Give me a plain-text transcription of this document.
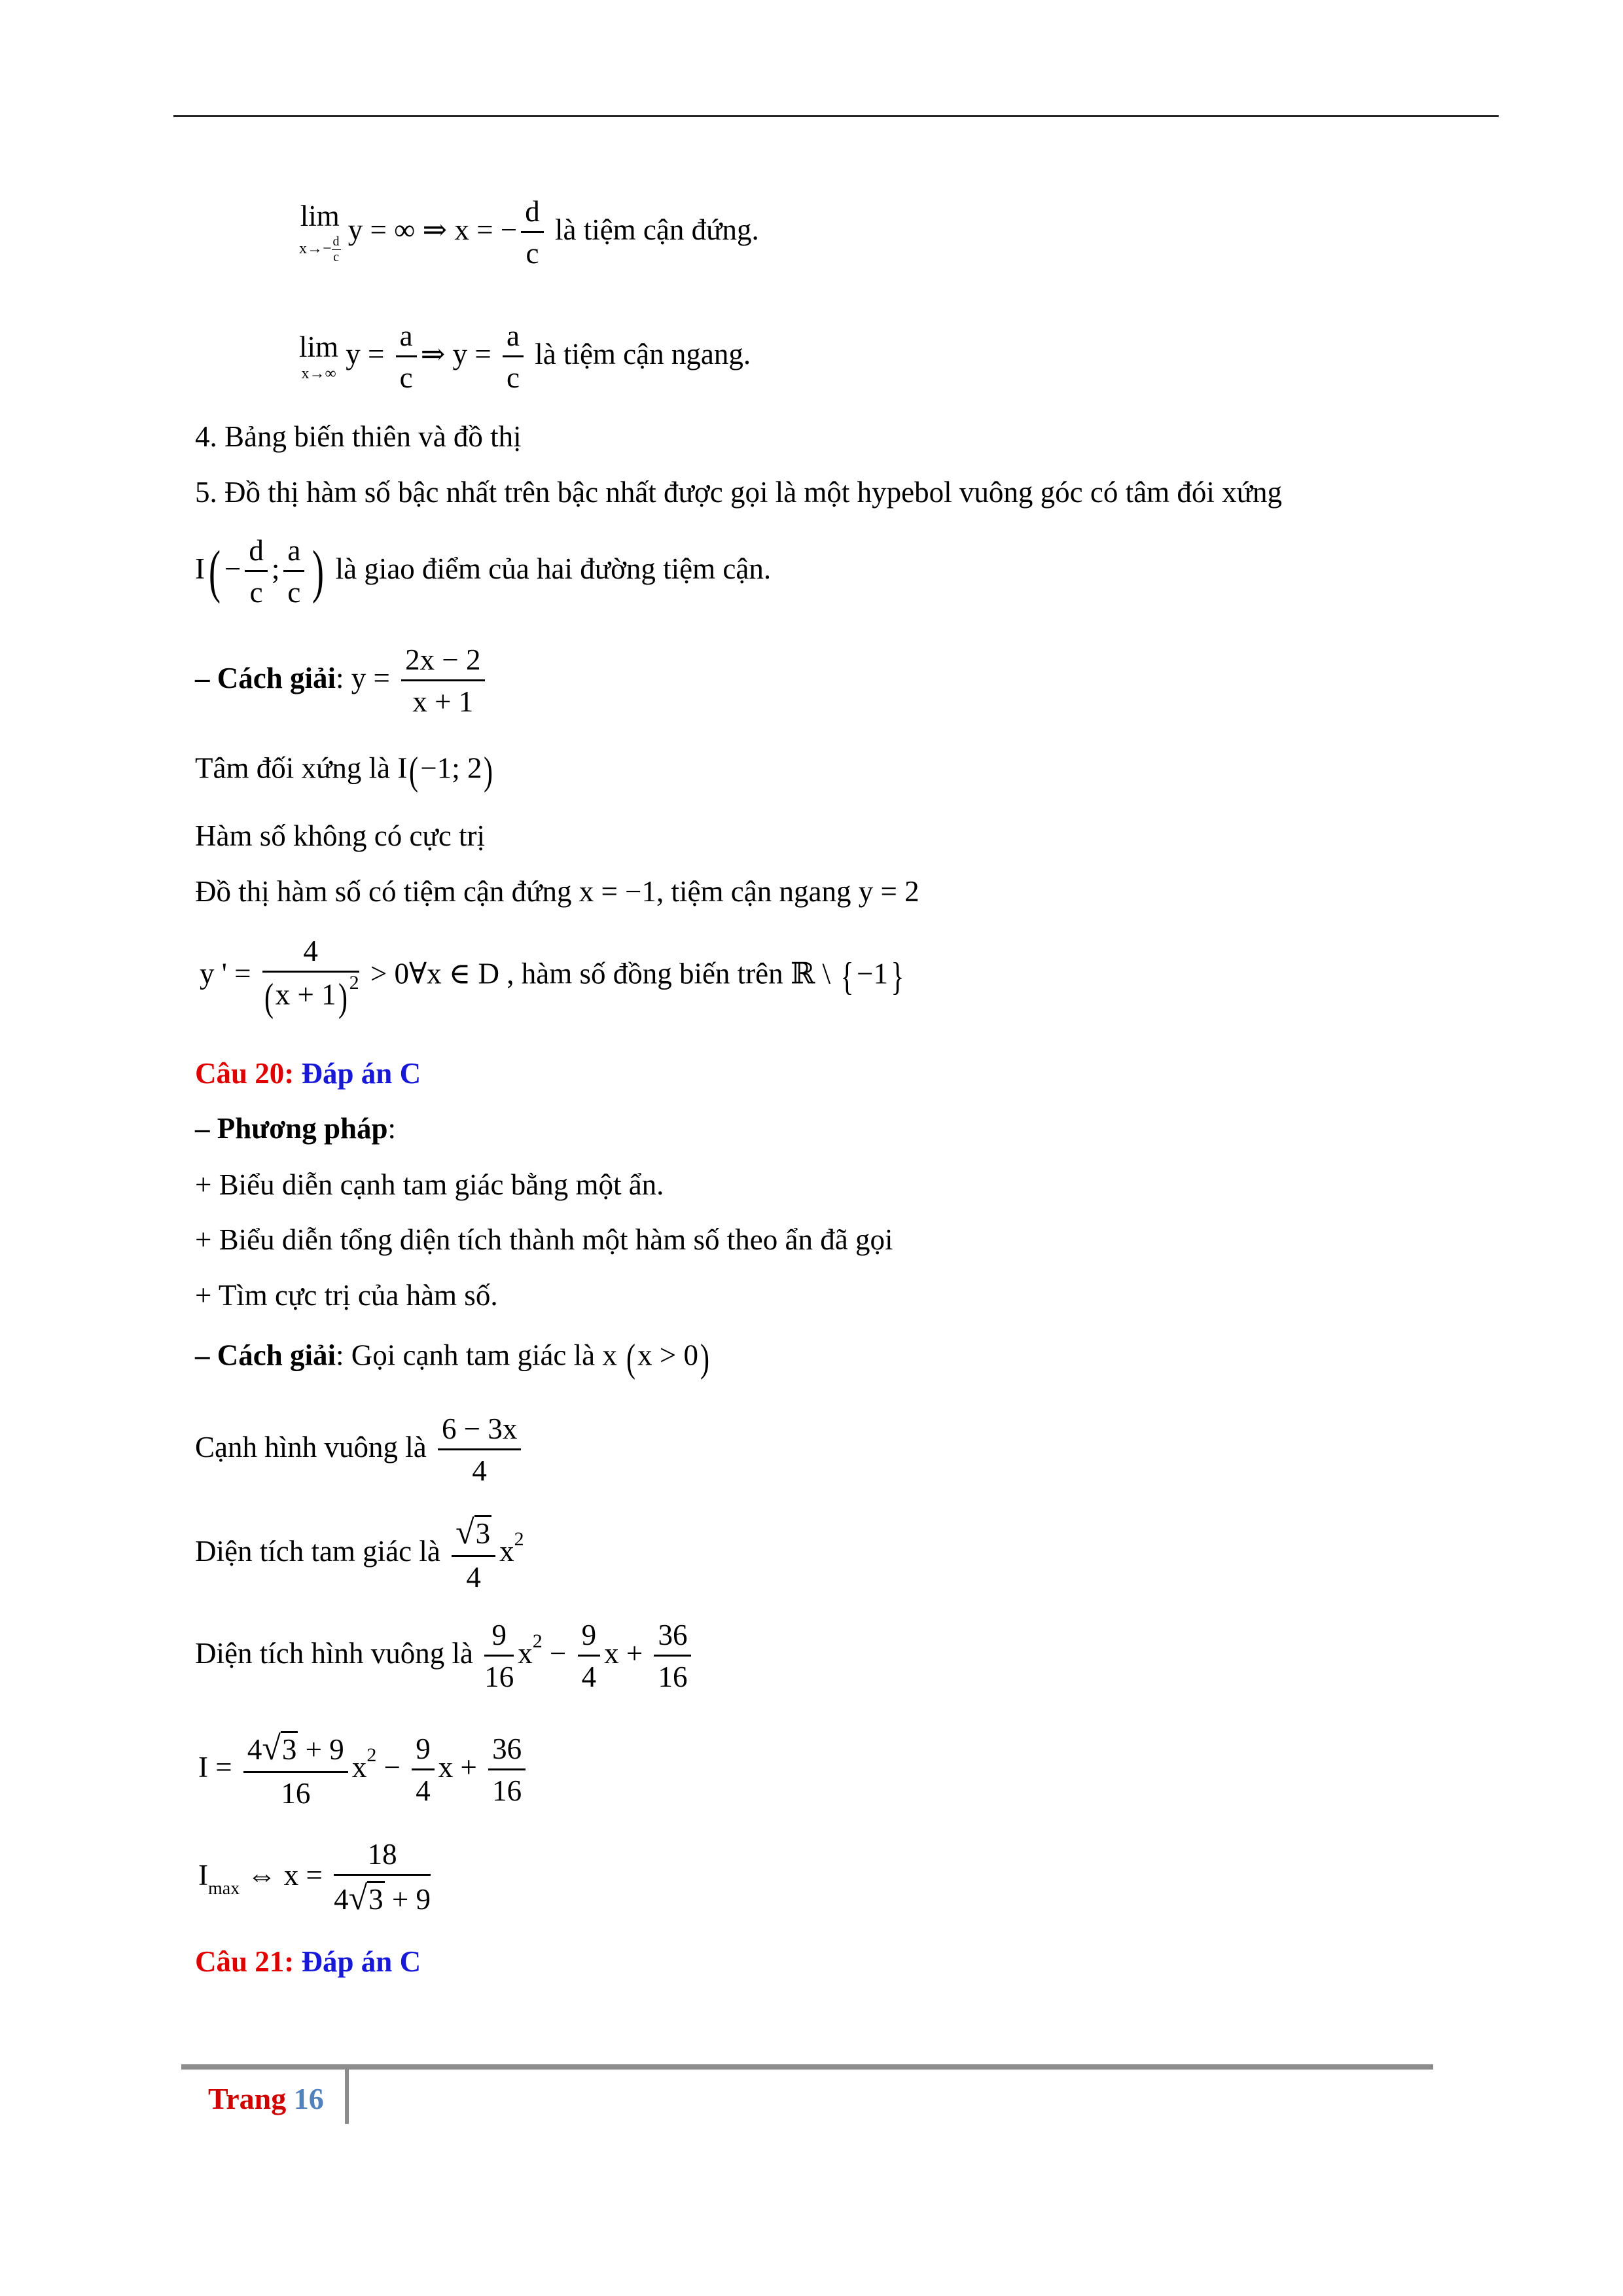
lim
$x\to- \frac{d}{c}$
y = ∞ ⇒ x = − $\frac{d}{c}$ là tiệm cận đứng.
lim
x→∞
$y = \frac{a}{c}$ ⇒ $y = \frac{a}{c}$ là tiệm cận ngang.
4. Bảng biến thiên và đồ thị
5. Đồ thị hàm số bậc nhất trên bậc nhất được gọi là một hypebol vuông góc có tâm đói xứng
$I( - \frac{d}{c}$ ; $\frac{a}{c}$ ) là giao điểm của hai đường tiệm cận.
– Cách giải: $y = \frac{2x - 2}{x + 1}$
Tâm đối xứng là I(−1; 2)
Hàm số không có cực trị
Đồ thị hàm số có tiệm cận đứng x = −1, tiệm cận ngang y = 2
y ' = $\frac{4}{(x + 1)^2}$ > 0∀x ∈ D , hàm số đồng biến trên ℝ \ {−1}
Câu 20: Đáp án C
– Phương pháp:
+ Biểu diễn cạnh tam giác bằng một ẩn.
+ Biểu diễn tổng diện tích thành một hàm số theo ẩn đã gọi
+ Tìm cực trị của hàm số.
– Cách giải: Gọi cạnh tam giác là x (x > 0)
Cạnh hình vuông là $\frac{6 - 3x}{4}$
Diện tích tam giác là $\frac{√3}{4} x^2$
Diện tích hình vuông là $\frac{9}{16} x^2 - \frac{9}{4}$ $x + \frac{36}{16}$
$I = \frac{4√3 + 9}{16} x^2 - \frac{9}{4}$ $x + \frac{36}{16}$
$I_{max}$ ⇔ $x = \frac{18}{4√3 + 9}$
Câu 21: Đáp án C
Trang 16
